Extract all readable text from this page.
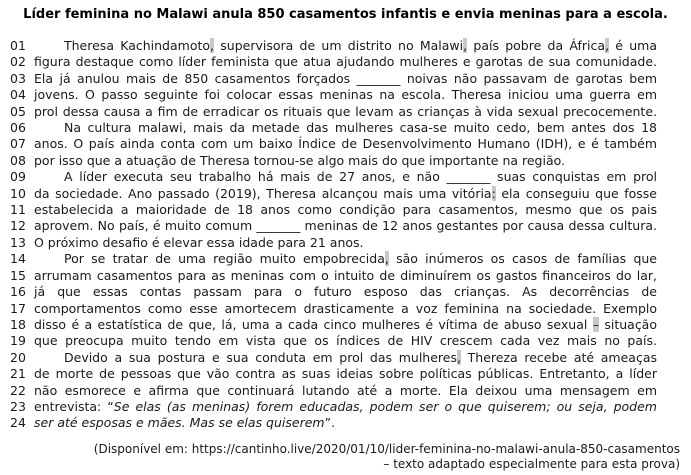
Líder feminina no Malawi anula 850 casamentos infantis e envia meninas para a escola.
01	Theresa Kachindamoto, supervisora de um distrito no Malawi, país pobre da África, é uma
02 figura destaque como líder feminista que atua ajudando mulheres e garotas de sua comunidade.
03 Ela já anulou mais de 850 casamentos forçados _______ noivas não passavam de garotas bem
04 jovens. O passo seguinte foi colocar essas meninas na escola. Theresa iniciou uma guerra em
05 prol dessa causa a fim de erradicar os rituais que levam as crianças à vida sexual precocemente.
06	Na cultura malawi, mais da metade das mulheres casa-se muito cedo, bem antes dos 18
07 anos. O país ainda conta com um baixo Índice de Desenvolvimento Humano (IDH), e é também
08 por isso que a atuação de Theresa tornou-se algo mais do que importante na região.
09	A líder executa seu trabalho há mais de 27 anos, e não _______ suas conquistas em prol
10 da sociedade. Ano passado (2019), Theresa alcançou mais uma vitória: ela conseguiu que fosse
11 estabelecida a maioridade de 18 anos como condição para casamentos, mesmo que os pais
12 aprovem. No país, é muito comum _______ meninas de 12 anos gestantes por causa dessa cultura.
13 O próximo desafio é elevar essa idade para 21 anos.
14	Por se tratar de uma região muito empobrecida, são inúmeros os casos de famílias que
15 arrumam casamentos para as meninas com o intuito de diminuírem os gastos financeiros do lar,
16 já que essas contas passam para o futuro esposo das crianças. As decorrências de
17 comportamentos como esse amortecem drasticamente a voz feminina na sociedade. Exemplo
18 disso é a estatística de que, lá, uma a cada cinco mulheres é vítima de abuso sexual – situação
19 que preocupa muito tendo em vista que os índices de HIV crescem cada vez mais no país.
20	Devido a sua postura e sua conduta em prol das mulheres, Thereza recebe até ameaças
21 de morte de pessoas que vão contra as suas ideias sobre políticas públicas. Entretanto, a líder
22 não esmorece e afirma que continuará lutando até a morte. Ela deixou uma mensagem em
23 entrevista: “Se elas (as meninas) forem educadas, podem ser o que quiserem; ou seja, podem
24 ser até esposas e mães. Mas se elas quiserem”.
(Disponível em: https://cantinho.live/2020/01/10/lider-feminina-no-malawi-anula-850-casamentos
– texto adaptado especialmente para esta prova)
